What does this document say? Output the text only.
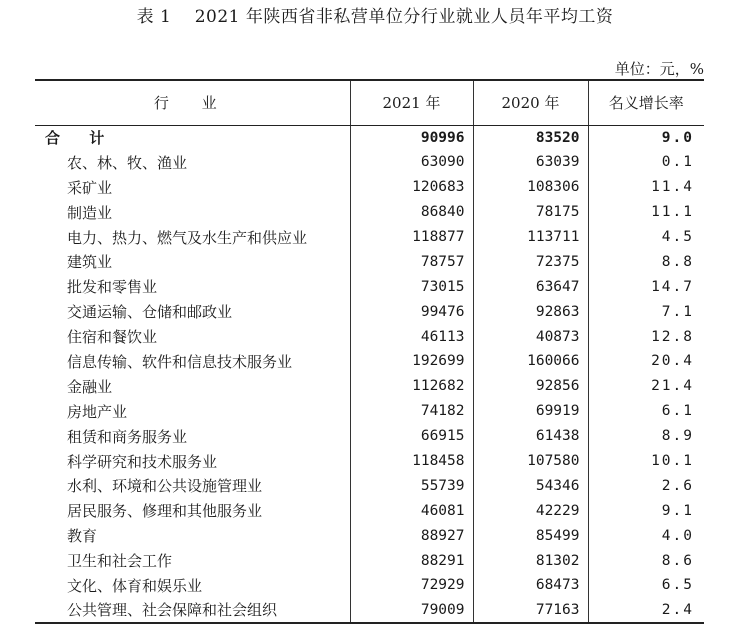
表 1　 2021 年陕西省非私营单位分行业就业人员年平均工资
单位：元，%
行 业	2021 年	2020 年	名义增长率
合 计	90996	83520	9.0
农、林、牧、渔业	63090	63039	0.1
采矿业	120683	108306	11.4
制造业	86840	78175	11.1
电力、热力、燃气及水生产和供应业	118877	113711	4.5
建筑业	78757	72375	8.8
批发和零售业	73015	63647	14.7
交通运输、仓储和邮政业	99476	92863	7.1
住宿和餐饮业	46113	40873	12.8
信息传输、软件和信息技术服务业	192699	160066	20.4
金融业	112682	92856	21.4
房地产业	74182	69919	6.1
租赁和商务服务业	66915	61438	8.9
科学研究和技术服务业	118458	107580	10.1
水利、环境和公共设施管理业	55739	54346	2.6
居民服务、修理和其他服务业	46081	42229	9.1
教育	88927	85499	4.0
卫生和社会工作	88291	81302	8.6
文化、体育和娱乐业	72929	68473	6.5
公共管理、社会保障和社会组织	79009	77163	2.4
